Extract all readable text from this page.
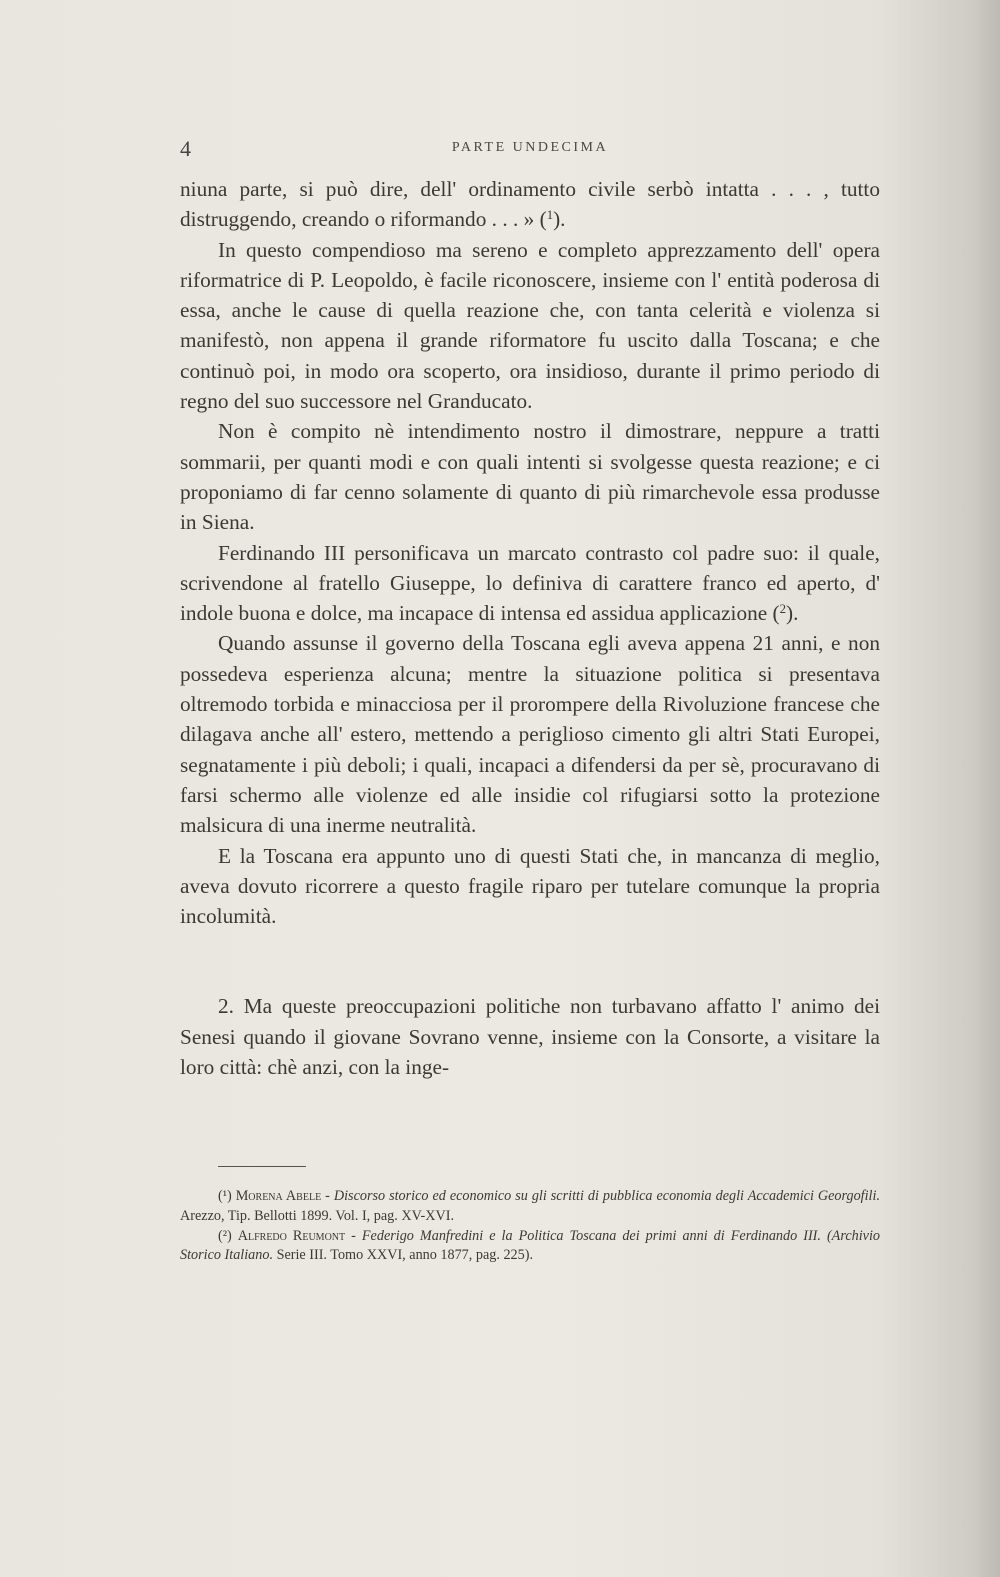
4	PARTE UNDECIMA

niuna parte, si può dire, dell' ordinamento civile serbò intatta . . . , tutto distruggendo, creando o riformando . . . » ($^1$).

In questo compendioso ma sereno e completo apprezzamento dell' opera riformatrice di P. Leopoldo, è facile riconoscere, insieme con l' entità poderosa di essa, anche le cause di quella reazione che, con tanta celerità e violenza si manifestò, non appena il grande riformatore fu uscito dalla Toscana; e che continuò poi, in modo ora scoperto, ora insidioso, durante il primo periodo di regno del suo successore nel Granducato.

Non è compito nè intendimento nostro il dimostrare, neppure a tratti sommarii, per quanti modi e con quali intenti si svolgesse questa reazione; e ci proponiamo di far cenno solamente di quanto di più rimarchevole essa produsse in Siena.

Ferdinando III personificava un marcato contrasto col padre suo: il quale, scrivendone al fratello Giuseppe, lo definiva di carattere franco ed aperto, d' indole buona e dolce, ma incapace di intensa ed assidua applicazione ($^2$).

Quando assunse il governo della Toscana egli aveva appena 21 anni, e non possedeva esperienza alcuna; mentre la situazione politica si presentava oltremodo torbida e minacciosa per il prorompere della Rivoluzione francese che dilagava anche all' estero, mettendo a periglioso cimento gli altri Stati Europei, segnatamente i più deboli; i quali, incapaci a difendersi da per sè, procuravano di farsi schermo alle violenze ed alle insidie col rifugiarsi sotto la protezione malsicura di una inerme neutralità.

E la Toscana era appunto uno di questi Stati che, in mancanza di meglio, aveva dovuto ricorrere a questo fragile riparo per tutelare comunque la propria incolumità.

2. Ma queste preoccupazioni politiche non turbavano affatto l' animo dei Senesi quando il giovane Sovrano venne, insieme con la Consorte, a visitare la loro città: chè anzi, con la inge-

(¹) Morena Abele - Discorso storico ed economico su gli scritti di pubblica economia degli Accademici Georgofili. Arezzo, Tip. Bellotti 1899. Vol. I, pag. XV-XVI.

(²) Alfredo Reumont - Federigo Manfredini e la Politica Toscana dei primi anni di Ferdinando III. (Archivio Storico Italiano. Serie III. Tomo XXVI, anno 1877, pag. 225).
